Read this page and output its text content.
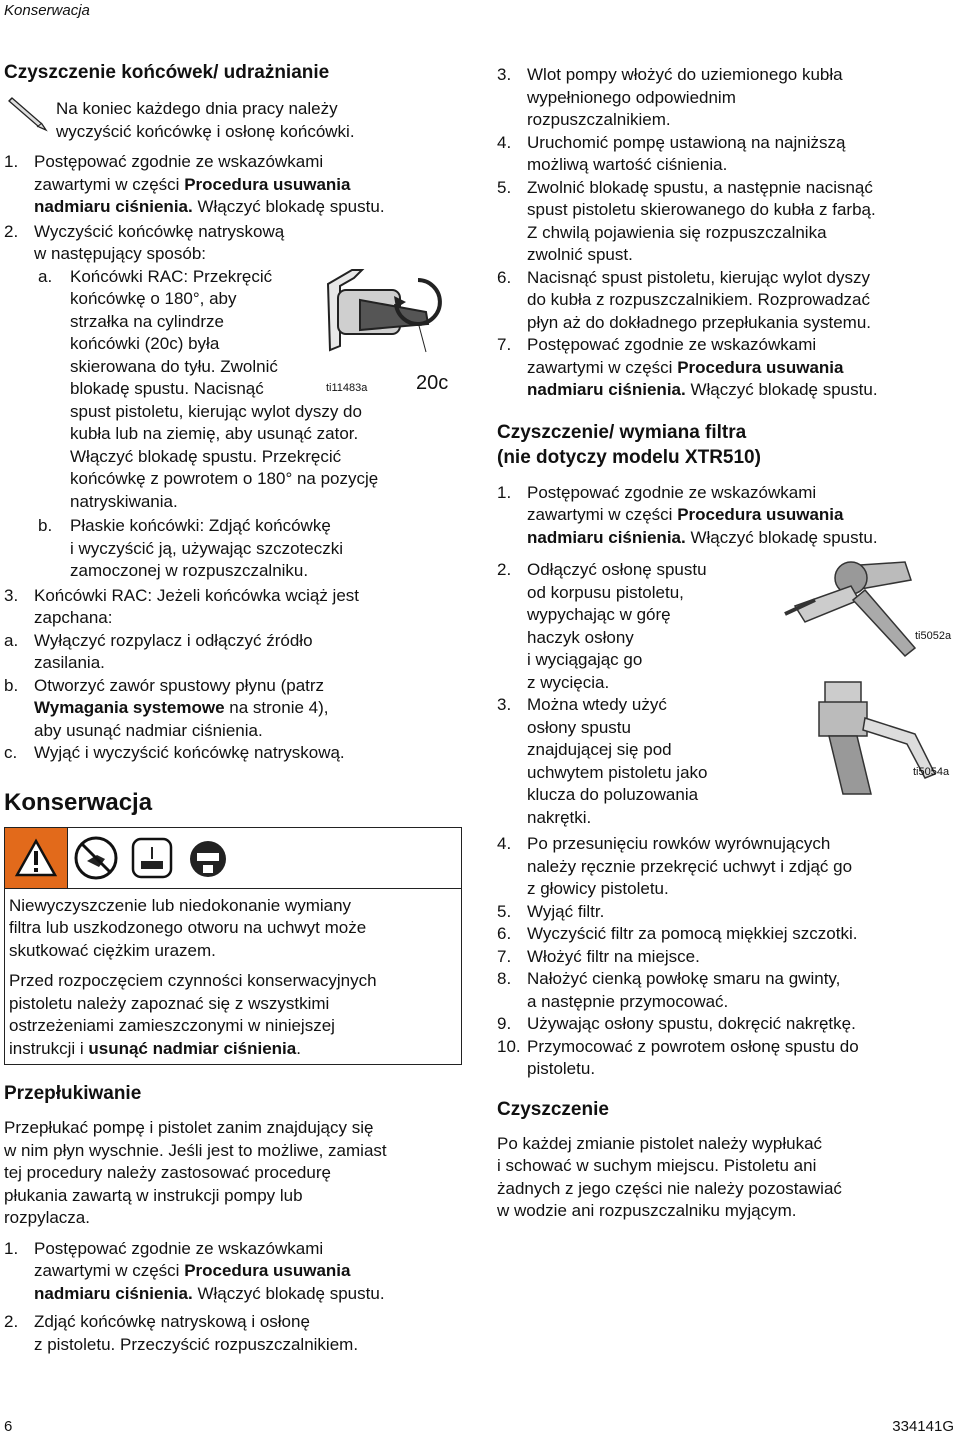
Konserwacja
Czyszczenie końcówek/ udrażnianie
Na koniec każdego dnia pracy należy
wyczyścić końcówkę i osłonę końcówki.
1. Postępować zgodnie ze wskazówkami
zawartymi w części Procedura usuwania
nadmiaru ciśnienia. Włączyć blokadę spustu.
2. Wyczyścić końcówkę natryskową
w następujący sposób:
a.	Końcówki RAC: Przekręcić
końcówkę o 180°, aby
strzałka na cylindrze
końcówki (20c) była
skierowana do tyłu. Zwolnić
blokadę spustu. Nacisnąć
spust pistoletu, kierując wylot dyszy do
kubła lub na ziemię, aby usunąć zator.
Włączyć blokadę spustu. Przekręcić
końcówkę z powrotem o 180° na pozycję
natryskiwania.
ti11483a 20c
b.	Płaskie końcówki: Zdjąć końcówkę
i wyczyścić ją, używając szczoteczki
zamoczonej w rozpuszczalniku.
3. Końcówki RAC: Jeżeli końcówka wciąż jest
zapchana:
a. Wyłączyć rozpylacz i odłączyć źródło
zasilania.
b. Otworzyć zawór spustowy płynu (patrz
Wymagania systemowe na stronie 4),
aby usunąć nadmiar ciśnienia.
c. Wyjąć i wyczyścić końcówkę natryskową.
Konserwacja
Niewyczyszczenie lub niedokonanie wymiany
filtra lub uszkodzonego otworu na uchwyt może
skutkować ciężkim urazem.
Przed rozpoczęciem czynności konserwacyjnych
pistoletu należy zapoznać się z wszystkimi
ostrzeżeniami zamieszczonymi w niniejszej
instrukcji i usunąć nadmiar ciśnienia.
Przepłukiwanie
Przepłukać pompę i pistolet zanim znajdujący się
w nim płyn wyschnie. Jeśli jest to możliwe, zamiast
tej procedury należy zastosować procedurę
płukania zawartą w instrukcji pompy lub
rozpylacza.
1. Postępować zgodnie ze wskazówkami
zawartymi w części Procedura usuwania
nadmiaru ciśnienia. Włączyć blokadę spustu.
2. Zdjąć końcówkę natryskową i osłonę
z pistoletu. Przeczyścić rozpuszczalnikiem.
3. Wlot pompy włożyć do uziemionego kubła
wypełnionego odpowiednim
rozpuszczalnikiem.
4. Uruchomić pompę ustawioną na najniższą
możliwą wartość ciśnienia.
5. Zwolnić blokadę spustu, a następnie nacisnąć
spust pistoletu skierowanego do kubła z farbą.
Z chwilą pojawienia się rozpuszczalnika
zwolnić spust.
6. Nacisnąć spust pistoletu, kierując wylot dyszy
do kubła z rozpuszczalnikiem. Rozprowadzać
płyn aż do dokładnego przepłukania systemu.
7. Postępować zgodnie ze wskazówkami
zawartymi w części Procedura usuwania
nadmiaru ciśnienia. Włączyć blokadę spustu.
Czyszczenie/ wymiana filtra
(nie dotyczy modelu XTR510)
1. Postępować zgodnie ze wskazówkami
zawartymi w części Procedura usuwania
nadmiaru ciśnienia. Włączyć blokadę spustu.
2. Odłączyć osłonę spustu
od korpusu pistoletu,
wypychając w górę
haczyk osłony
i wyciągając go
z wycięcia.
3. Można wtedy użyć
osłony spustu
znajdującej się pod
uchwytem pistoletu jako
klucza do poluzowania
nakrętki.
ti5052a
ti5054a
4. Po przesunięciu rowków wyrównujących
należy ręcznie przekręcić uchwyt i zdjąć go
z głowicy pistoletu.
5. Wyjąć filtr.
6. Wyczyścić filtr za pomocą miękkiej szczotki.
7. Włożyć filtr na miejsce.
8. Nałożyć cienką powłokę smaru na gwinty,
a następnie przymocować.
9. Używając osłony spustu, dokręcić nakrętkę.
10. Przymocować z powrotem osłonę spustu do
pistoletu.
Czyszczenie
Po każdej zmianie pistolet należy wypłukać
i schować w suchym miejscu. Pistoletu ani
żadnych z jego części nie należy pozostawiać
w wodzie ani rozpuszczalniku myjącym.
6	334141G
